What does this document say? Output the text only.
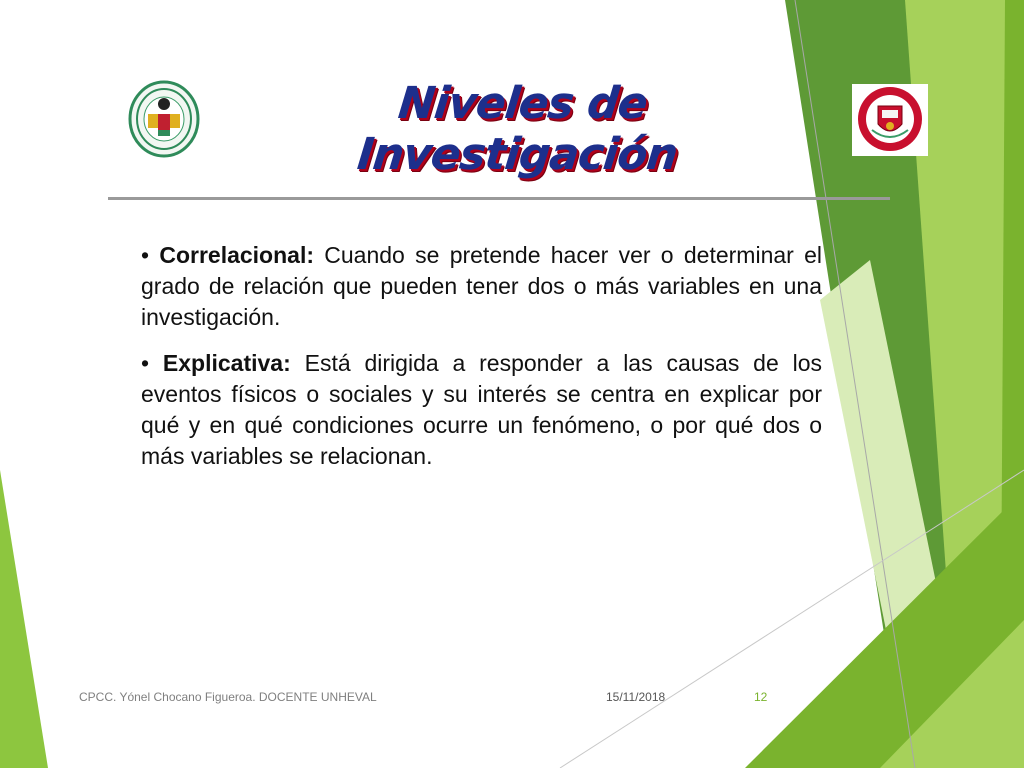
Niveles de Investigación

• Correlacional: Cuando se pretende hacer ver o determinar el grado de relación que pueden tener dos o más variables en una investigación.

• Explicativa: Está dirigida a responder a las causas de los eventos físicos o sociales y su interés se centra en explicar por qué y en qué condiciones ocurre un fenómeno, o por qué dos o más variables se relacionan.

CPCC. Yónel Chocano Figueroa. DOCENTE UNHEVAL	15/11/2018	12
